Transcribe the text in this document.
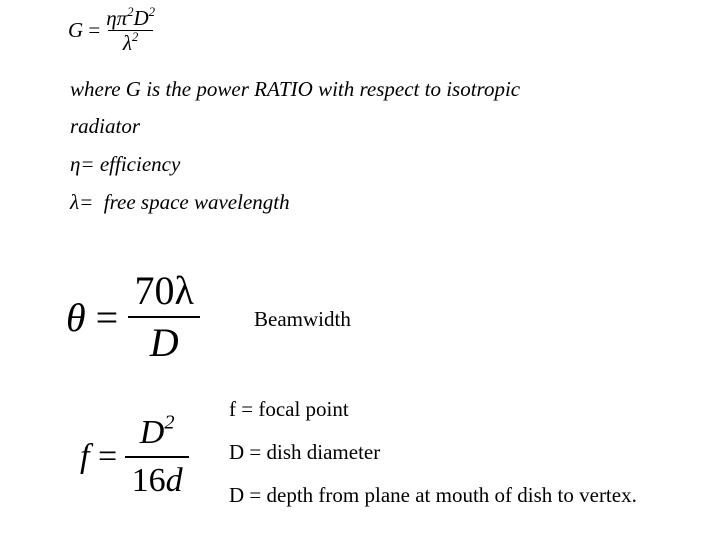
$G = \frac{\eta\pi^2D^2}{\lambda^2}$
where G is the power RATIO with respect to isotropic
radiator
η= efficiency
λ=  free space wavelength
$\theta = \frac{70\lambda}{D}$	Beamwidth
$f = \frac{D^2}{16d}$
f = focal point
D = dish diameter
D = depth from plane at mouth of dish to vertex.
